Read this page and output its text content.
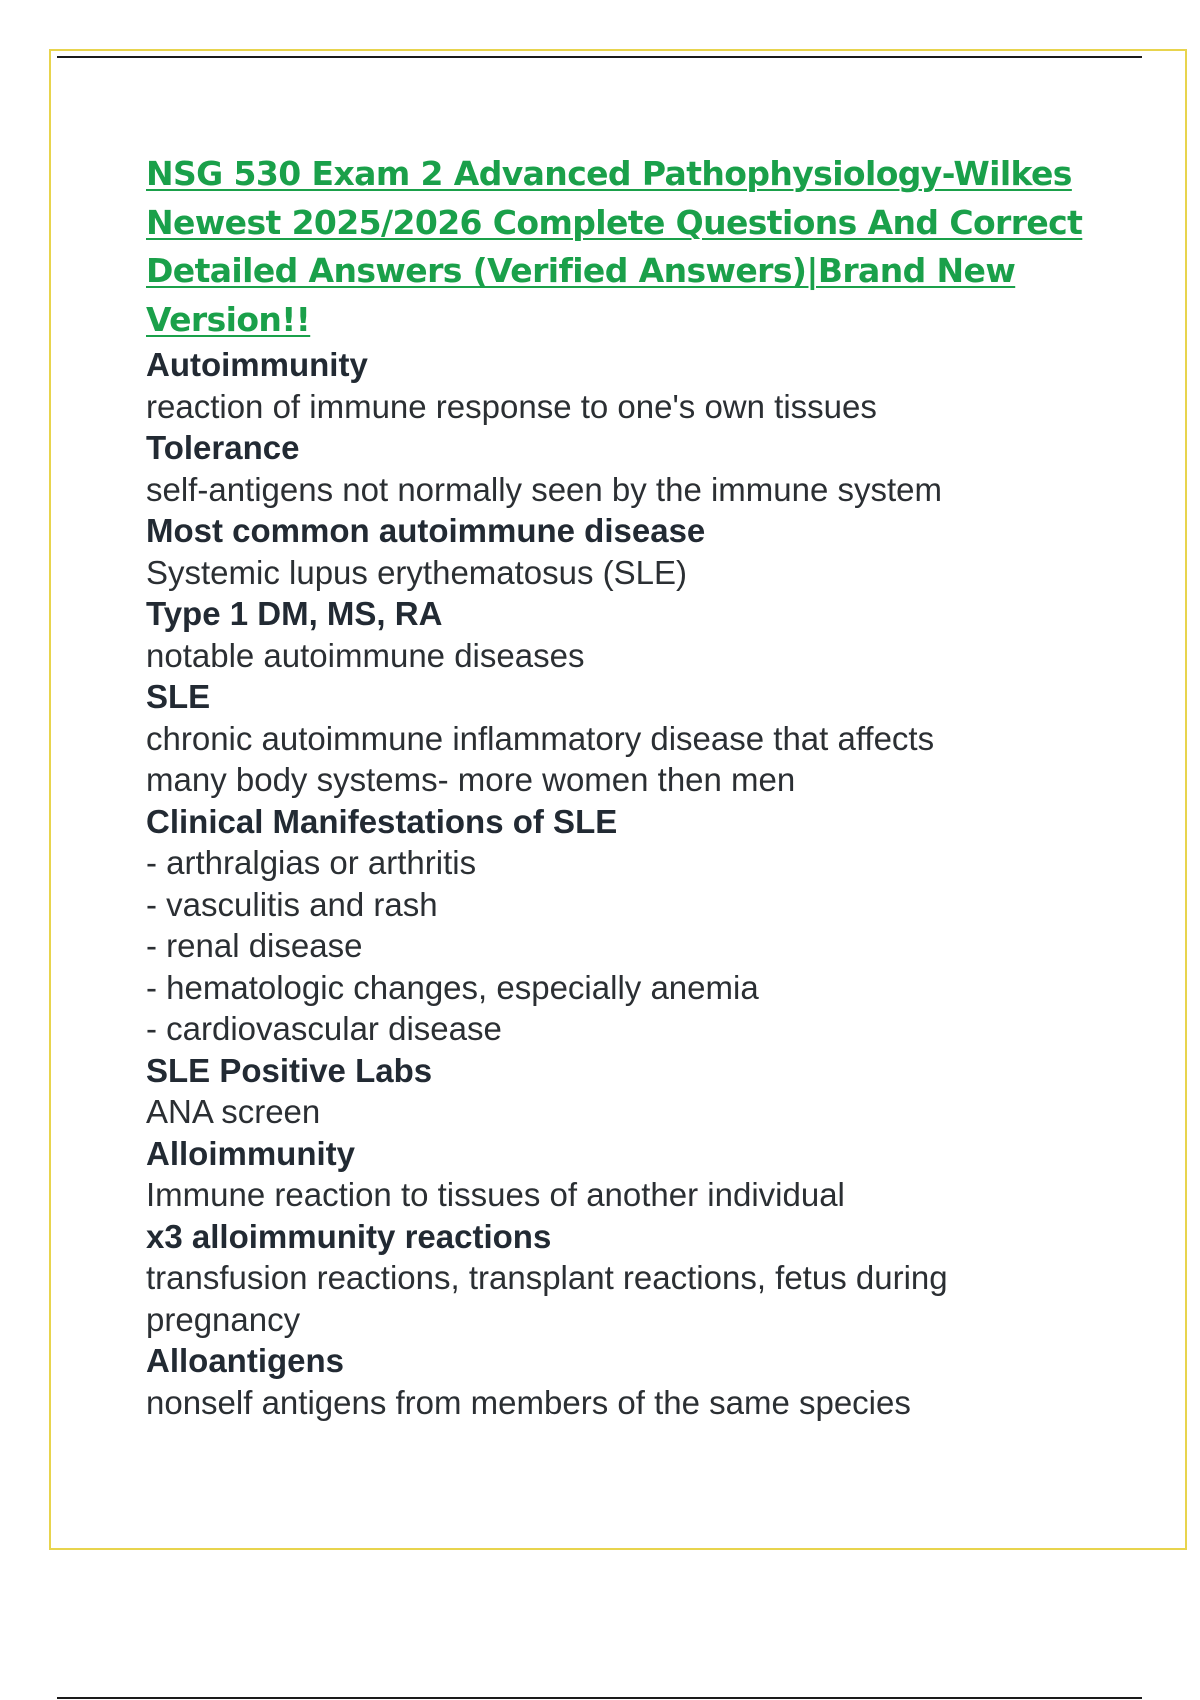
NSG 530 Exam 2 Advanced Pathophysiology-Wilkes Newest 2025/2026 Complete Questions And Correct Detailed Answers (Verified Answers)|Brand New Version!!

Autoimmunity

reaction of immune response to one's own tissues

Tolerance

self-antigens not normally seen by the immune system

Most common autoimmune disease

Systemic lupus erythematosus (SLE)

Type 1 DM, MS, RA

notable autoimmune diseases

SLE

chronic autoimmune inflammatory disease that affects
many body systems- more women then men

Clinical Manifestations of SLE

- arthralgias or arthritis
- vasculitis and rash
- renal disease
- hematologic changes, especially anemia
- cardiovascular disease

SLE Positive Labs

ANA screen

Alloimmunity

Immune reaction to tissues of another individual

x3 alloimmunity reactions

transfusion reactions, transplant reactions, fetus during
pregnancy

Alloantigens

nonself antigens from members of the same species
